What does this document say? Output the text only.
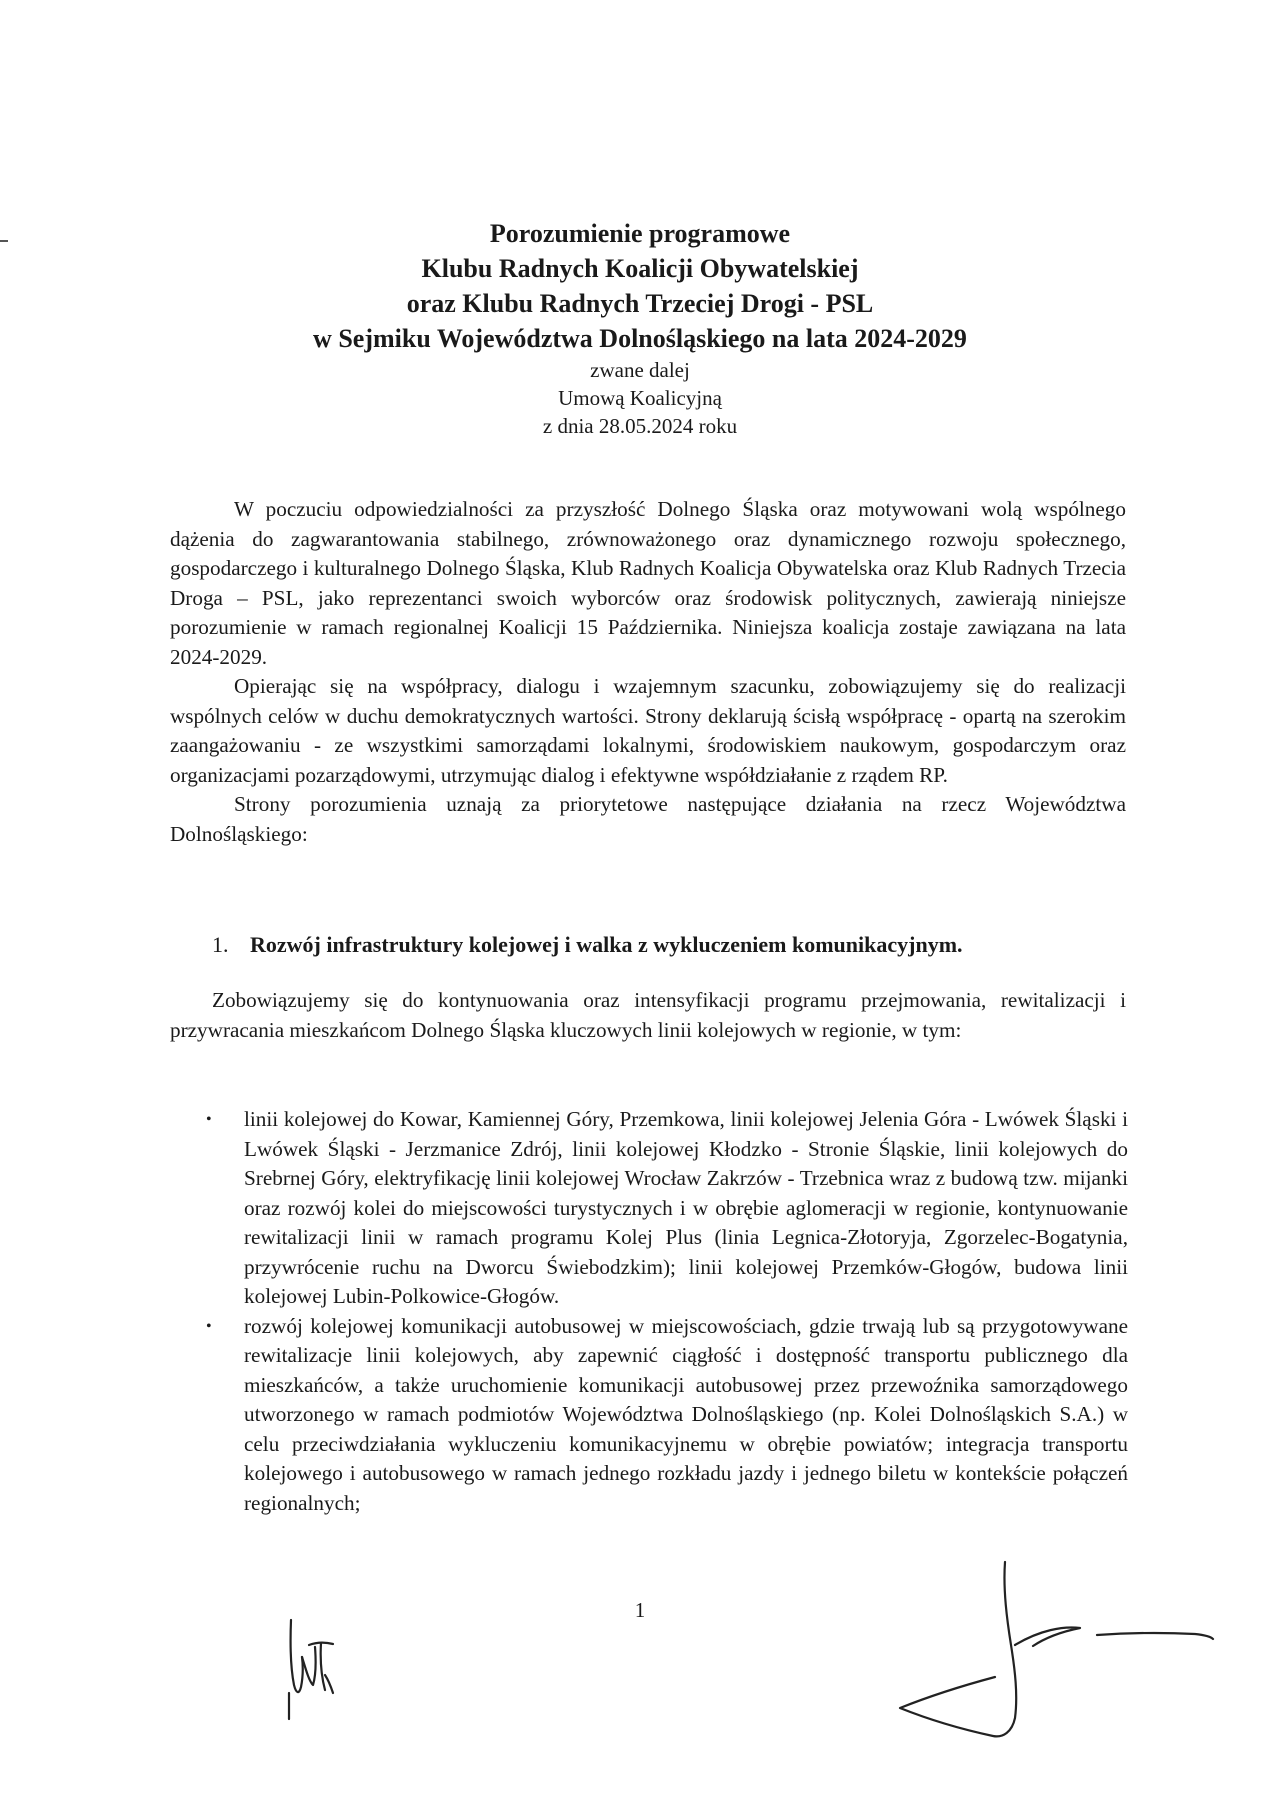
Porozumienie programowe

Klubu Radnych Koalicji Obywatelskiej

oraz Klubu Radnych Trzeciej Drogi - PSL

w Sejmiku Województwa Dolnośląskiego na lata 2024-2029

zwane dalej

Umową Koalicyjną

z dnia 28.05.2024 roku

W poczuciu odpowiedzialności za przyszłość Dolnego Śląska oraz motywowani wolą wspólnego dążenia do zagwarantowania stabilnego, zrównoważonego oraz dynamicznego rozwoju społecznego, gospodarczego i kulturalnego Dolnego Śląska, Klub Radnych Koalicja Obywatelska oraz Klub Radnych Trzecia Droga – PSL, jako reprezentanci swoich wyborców oraz środowisk politycznych, zawierają niniejsze porozumienie w ramach regionalnej Koalicji 15 Października. Niniejsza koalicja zostaje zawiązana na lata 2024-2029.

Opierając się na współpracy, dialogu i wzajemnym szacunku, zobowiązujemy się do realizacji wspólnych celów w duchu demokratycznych wartości. Strony deklarują ścisłą współpracę - opartą na szerokim zaangażowaniu - ze wszystkimi samorządami lokalnymi, środowiskiem naukowym, gospodarczym oraz organizacjami pozarządowymi, utrzymując dialog i efektywne współdziałanie z rządem RP.

Strony porozumienia uznają za priorytetowe następujące działania na rzecz Województwa Dolnośląskiego:

1. Rozwój infrastruktury kolejowej i walka z wykluczeniem komunikacyjnym.

Zobowiązujemy się do kontynuowania oraz intensyfikacji programu przejmowania, rewitalizacji i przywracania mieszkańcom Dolnego Śląska kluczowych linii kolejowych w regionie, w tym:

• linii kolejowej do Kowar, Kamiennej Góry, Przemkowa, linii kolejowej Jelenia Góra - Lwówek Śląski i Lwówek Śląski - Jerzmanice Zdrój, linii kolejowej Kłodzko - Stronie Śląskie, linii kolejowych do Srebrnej Góry, elektryfikację linii kolejowej Wrocław Zakrzów - Trzebnica wraz z budową tzw. mijanki oraz rozwój kolei do miejscowości turystycznych i w obrębie aglomeracji w regionie, kontynuowanie rewitalizacji linii w ramach programu Kolej Plus (linia Legnica-Złotoryja, Zgorzelec-Bogatynia, przywrócenie ruchu na Dworcu Świebodzkim); linii kolejowej Przemków-Głogów, budowa linii kolejowej Lubin-Polkowice-Głogów.
• rozwój kolejowej komunikacji autobusowej w miejscowościach, gdzie trwają lub są przygotowywane rewitalizacje linii kolejowych, aby zapewnić ciągłość i dostępność transportu publicznego dla mieszkańców, a także uruchomienie komunikacji autobusowej przez przewoźnika samorządowego utworzonego w ramach podmiotów Województwa Dolnośląskiego (np. Kolei Dolnośląskich S.A.) w celu przeciwdziałania wykluczeniu komunikacyjnemu w obrębie powiatów; integracja transportu kolejowego i autobusowego w ramach jednego rozkładu jazdy i jednego biletu w kontekście połączeń regionalnych;
1
